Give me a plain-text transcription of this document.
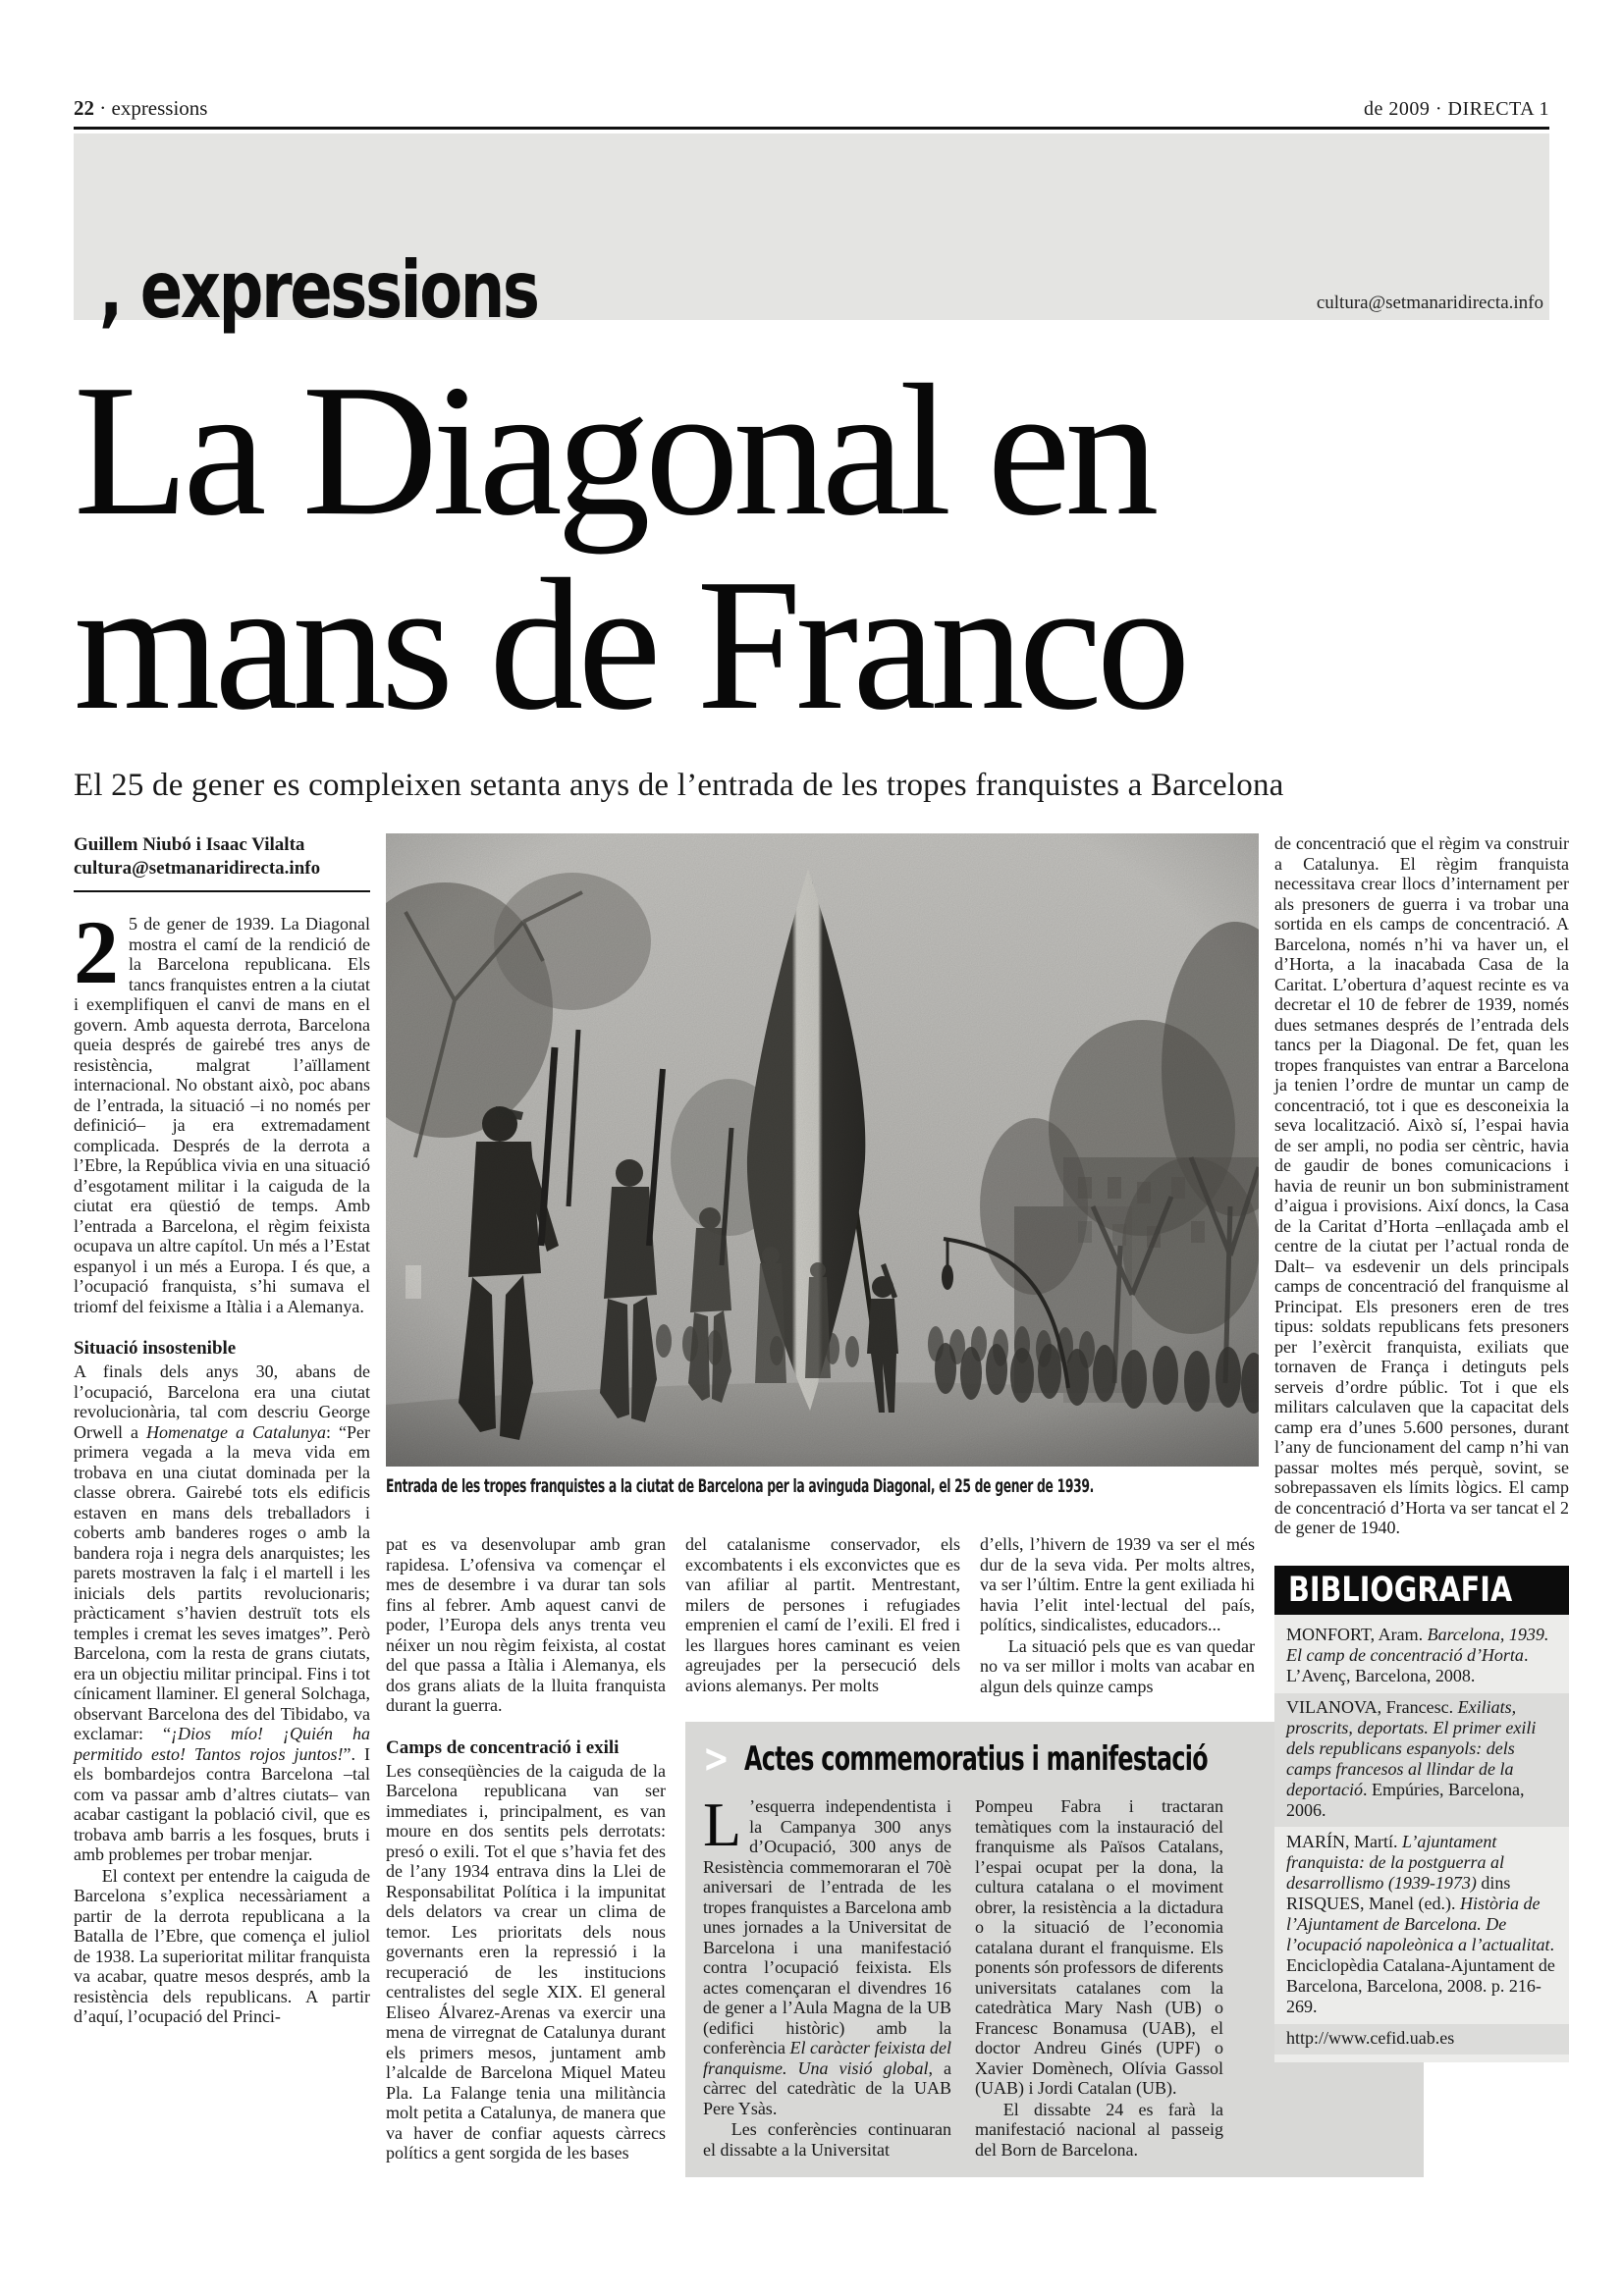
22 · expressions	de 2009 · DIRECTA 1
, expressions	cultura@setmanaridirecta.info
La Diagonal en
mans de Franco
El 25 de gener es compleixen setanta anys de l’entrada de les tropes franquistes a Barcelona
Guillem Niubó i Isaac Vilalta
cultura@setmanaridirecta.info

2 5 de gener de 1939. La Diagonal mostra el camí de la rendició de la Barcelona republicana. Els tancs franquistes entren a la ciutat i exemplifiquen el canvi de mans en el govern. Amb aquesta derrota, Barcelona queia després de gairebé tres anys de resistència, malgrat l’aïllament internacional. No obstant això, poc abans de l’entrada, la situació –i no només per definició– ja era extremadament complicada. Després de la derrota a l’Ebre, la República vivia en una situació d’esgotament militar i la caiguda de la ciutat era qüestió de temps. Amb l’entrada a Barcelona, el règim feixista ocupava un altre capítol. Un més a l’Estat espanyol i un més a Europa. I és que, a l’ocupació franquista, s’hi sumava el triomf del feixisme a Itàlia i a Alemanya.

Situació insostenible

A finals dels anys 30, abans de l’ocupació, Barcelona era una ciutat revolucionària, tal com descriu George Orwell a Homenatge a Catalunya: “Per primera vegada a la meva vida em trobava en una ciutat dominada per la classe obrera. Gairebé tots els edificis estaven en mans dels treballadors i coberts amb banderes roges o amb la bandera roja i negra dels anarquistes; les parets mostraven la falç i el martell i les inicials dels partits revolucionaris; pràcticament s’havien destruït tots els temples i cremat les seves imatges”. Però Barcelona, com la resta de grans ciutats, era un objectiu militar principal. Fins i tot cínicament llaminer. El general Solchaga, observant Barcelona des del Tibidabo, va exclamar: “¡Dios mío! ¡Quién ha permitido esto! Tantos rojos juntos!”. I els bombardejos contra Barcelona –tal com va passar amb d’altres ciutats– van acabar castigant la població civil, que es trobava amb barris a les fosques, bruts i amb problemes per trobar menjar.

El context per entendre la caiguda de Barcelona s’explica necessàriament a partir de la derrota republicana a la Batalla de l’Ebre, que comença el juliol de 1938. La superioritat militar franquista va acabar, quatre mesos després, amb la resistència dels republicans. A partir d’aquí, l’ocupació del Princi-

Entrada de les tropes franquistes a la ciutat de Barcelona per la avinguda Diagonal, el 25 de gener de 1939.

pat es va desenvolupar amb gran rapidesa. L’ofensiva va començar el mes de desembre i va durar tan sols fins al febrer. Amb aquest canvi de poder, l’Europa dels anys trenta veu néixer un nou règim feixista, al costat del que passa a Itàlia i Alemanya, els dos grans aliats de la lluita franquista durant la guerra.

Camps de concentració i exili

Les conseqüències de la caiguda de la Barcelona republicana van ser immediates i, principalment, es van moure en dos sentits pels derrotats: presó o exili. Tot el que s’havia fet des de l’any 1934 entrava dins la Llei de Responsabilitat Política i la impunitat dels delators va crear un clima de temor. Les prioritats dels nous governants eren la repressió i la recuperació de les institucions centralistes del segle XIX. El general Eliseo Álvarez-Arenas va exercir una mena de virregnat de Catalunya durant els primers mesos, juntament amb l’alcalde de Barcelona Miquel Mateu Pla. La Falange tenia una militància molt petita a Catalunya, de manera que va haver de confiar aquests càrrecs polítics a gent sorgida de les bases

del catalanisme conservador, els excombatents i els exconvictes que es van afiliar al partit. Mentrestant, milers de persones i refugiades emprenien el camí de l’exili. El fred i les llargues hores caminant es veien agreujades per la persecució dels avions alemanys. Per molts

d’ells, l’hivern de 1939 va ser el més dur de la seva vida. Per molts altres, va ser l’últim. Entre la gent exiliada hi havia l’elit intel·lectual del país, polítics, sindicalistes, educadors...

La situació pels que es van quedar no va ser millor i molts van acabar en algun dels quinze camps

> Actes commemoratius i manifestació

L ’esquerra independentista i la Campanya 300 anys d’Ocupació, 300 anys de Resistència commemoraran el 70è aniversari de l’entrada de les tropes franquistes a Barcelona amb unes jornades a la Universitat de Barcelona i una manifestació contra l’ocupació feixista. Els actes començaran el divendres 16 de gener a l’Aula Magna de la UB (edifici històric) amb la conferència El caràcter feixista del franquisme. Una visió global, a càrrec del catedràtic de la UAB Pere Ysàs.

Les conferències continuaran el dissabte a la Universitat

Pompeu Fabra i tractaran temàtiques com la instauració del franquisme als Països Catalans, l’espai ocupat per la dona, la cultura catalana o el moviment obrer, la resistència a la dictadura o la situació de l’economia catalana durant el franquisme. Els ponents són professors de diferents universitats catalanes com la catedràtica Mary Nash (UB) o Francesc Bonamusa (UAB), el doctor Andreu Ginés (UPF) o Xavier Domènech, Olívia Gassol (UAB) i Jordi Catalan (UB).

El dissabte 24 es farà la manifestació nacional al passeig del Born de Barcelona.

de concentració que el règim va construir a Catalunya. El règim franquista necessitava crear llocs d’internament per als presoners de guerra i va trobar una sortida en els camps de concentració. A Barcelona, només n’hi va haver un, el d’Horta, a la inacabada Casa de la Caritat. L’obertura d’aquest recinte es va decretar el 10 de febrer de 1939, només dues setmanes després de l’entrada dels tancs per la Diagonal. De fet, quan les tropes franquistes van entrar a Barcelona ja tenien l’ordre de muntar un camp de concentració, tot i que es desconeixia la seva localització. Això sí, l’espai havia de ser ampli, no podia ser cèntric, havia de gaudir de bones comunicacions i havia de reunir un bon subministrament d’aigua i provisions. Així doncs, la Casa de la Caritat d’Horta –enllaçada amb el centre de la ciutat per l’actual ronda de Dalt– va esdevenir un dels principals camps de concentració del franquisme al Principat. Els presoners eren de tres tipus: soldats republicans fets presoners per l’exèrcit franquista, exiliats que tornaven de França i detinguts pels serveis d’ordre públic. Tot i que els militars calculaven que la capacitat dels camp era d’unes 5.600 persones, durant l’any de funcionament del camp n’hi van passar moltes més perquè, sovint, se sobrepassaven els límits lògics. El camp de concentració d’Horta va ser tancat el 2 de gener de 1940.

BIBLIOGRAFIA

MONFORT, Aram. Barcelona, 1939. El camp de concentració d’Horta. L’Avenç, Barcelona, 2008.

VILANOVA, Francesc. Exiliats, proscrits, deportats. El primer exili dels republicans espanyols: dels camps francesos al llindar de la deportació. Empúries, Barcelona, 2006.

MARÍN, Martí. L’ajuntament franquista: de la postguerra al desarrollismo (1939-1973) dins RISQUES, Manel (ed.). Història de l’Ajuntament de Barcelona. De l’ocupació napoleònica a l’actualitat. Enciclopèdia Catalana-Ajuntament de Barcelona, Barcelona, 2008. p. 216-269.

http://www.cefid.uab.es
